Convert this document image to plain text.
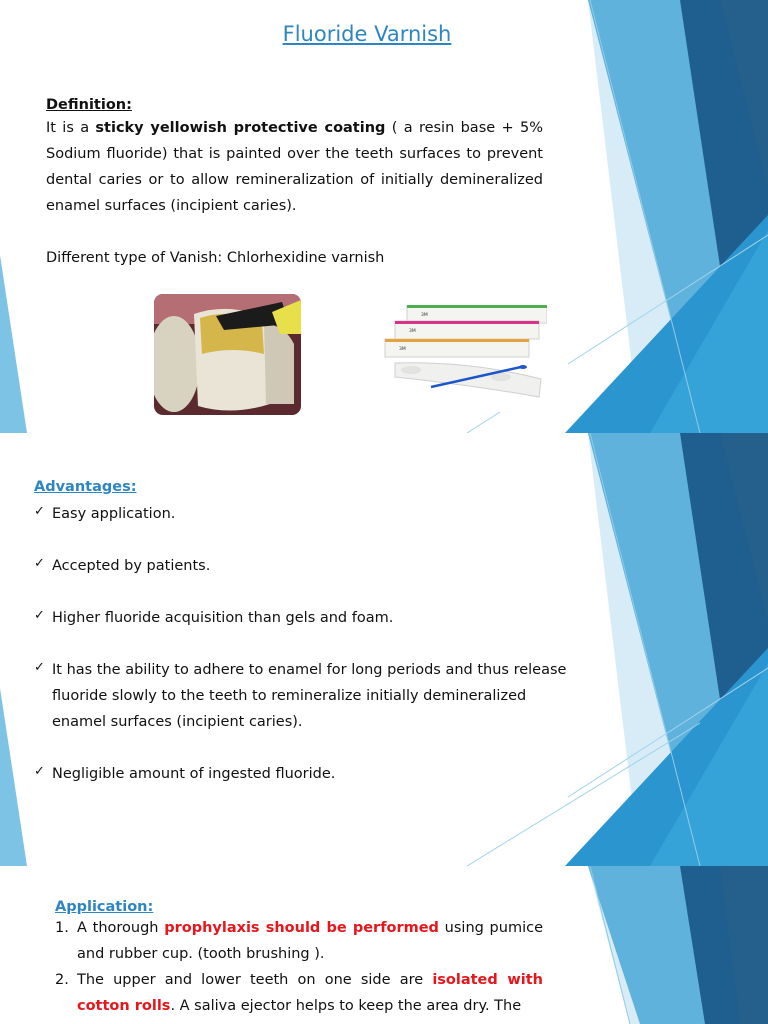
Fluoride Varnish
Definition:
It is a sticky yellowish protective coating ( a resin base + 5% Sodium fluoride) that is painted over the teeth surfaces to prevent dental caries or to allow remineralization of initially demineralized enamel surfaces (incipient caries).
Different type of Vanish: Chlorhexidine varnish
3M
3M
3M
Advantages:
✓ Easy application.
✓ Accepted by patients.
✓ Higher fluoride acquisition than gels and foam.
✓ It has the ability to adhere to enamel for long periods and thus release fluoride slowly to the teeth to remineralize initially demineralized enamel surfaces (incipient caries).
✓ Negligible amount of ingested fluoride.
Application:
1. A thorough prophylaxis should be performed using pumice and rubber cup. (tooth brushing ).
2. The upper and lower teeth on one side are isolated with cotton rolls. A saliva ejector helps to keep the area dry. The
